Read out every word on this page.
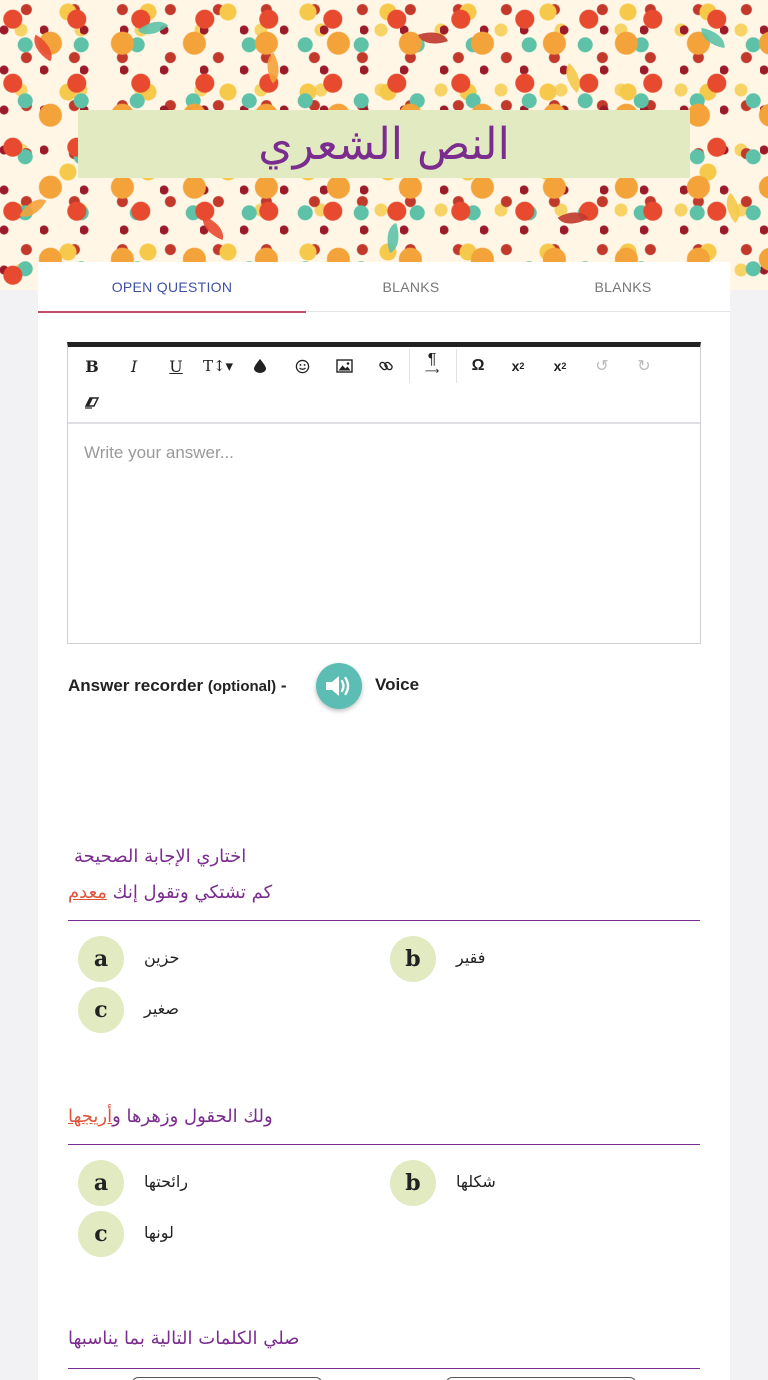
النص الشعري
OPEN QUESTION	BLANKS	BLANKS
B	I	U	T↕▾	¶
⟶	Ω	x 2	x 2	↺	↻
Write your answer...
Answer recorder (optional) -	Voice
اختاري الإجابة الصحيحة
كم تشتكي وتقول إنك معدم
a	حزين	b	فقير
c	صغير
ولك الحقول وزهرها وأريجها
a	رائحتها	b	شكلها
c	لونها
صلي الكلمات التالية بما يناسبها
